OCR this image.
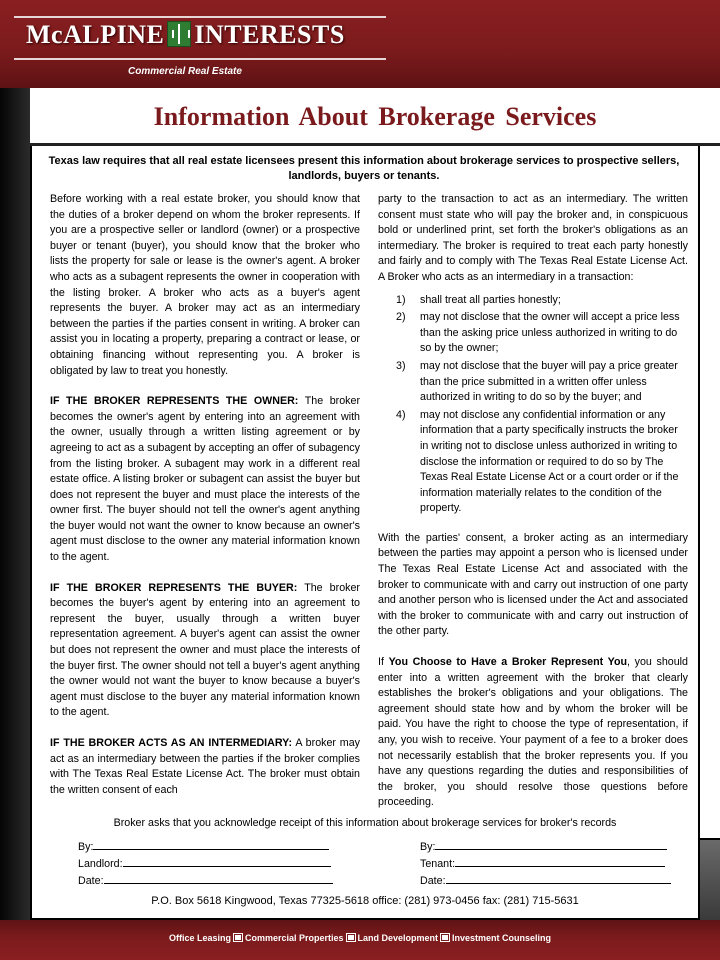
McALPINE INTERESTS
Commercial Real Estate
Information About Brokerage Services

Texas law requires that all real estate licensees present this information about brokerage services to prospective sellers, landlords, buyers or tenants.

Before working with a real estate broker, you should know that the duties of a broker depend on whom the broker represents. If you are a prospective seller or landlord (owner) or a prospective buyer or tenant (buyer), you should know that the broker who lists the property for sale or lease is the owner's agent. A broker who acts as a subagent represents the owner in cooperation with the listing broker. A broker who acts as a buyer's agent represents the buyer. A broker may act as an intermediary between the parties if the parties consent in writing. A broker can assist you in locating a property, preparing a contract or lease, or obtaining financing without representing you. A broker is obligated by law to treat you honestly.

IF THE BROKER REPRESENTS THE OWNER: The broker becomes the owner's agent by entering into an agreement with the owner, usually through a written listing agreement or by agreeing to act as a subagent by accepting an offer of subagency from the listing broker. A subagent may work in a different real estate office. A listing broker or subagent can assist the buyer but does not represent the buyer and must place the interests of the owner first. The buyer should not tell the owner's agent anything the buyer would not want the owner to know because an owner's agent must disclose to the owner any material information known to the agent.

IF THE BROKER REPRESENTS THE BUYER: The broker becomes the buyer's agent by entering into an agreement to represent the buyer, usually through a written buyer representation agreement. A buyer's agent can assist the owner but does not represent the owner and must place the interests of the buyer first. The owner should not tell a buyer's agent anything the owner would not want the buyer to know because a buyer's agent must disclose to the buyer any material information known to the agent.

IF THE BROKER ACTS AS AN INTERMEDIARY: A broker may act as an intermediary between the parties if the broker complies with The Texas Real Estate License Act. The broker must obtain the written consent of each

party to the transaction to act as an intermediary. The written consent must state who will pay the broker and, in conspicuous bold or underlined print, set forth the broker's obligations as an intermediary. The broker is required to treat each party honestly and fairly and to comply with The Texas Real Estate License Act. A Broker who acts as an intermediary in a transaction:

1) shall treat all parties honestly;
2) may not disclose that the owner will accept a price less than the asking price unless authorized in writing to do so by the owner;
3) may not disclose that the buyer will pay a price greater than the price submitted in a written offer unless authorized in writing to do so by the buyer; and
4) may not disclose any confidential information or any information that a party specifically instructs the broker in writing not to disclose unless authorized in writing to disclose the information or required to do so by The Texas Real Estate License Act or a court order or if the information materially relates to the condition of the property.

With the parties' consent, a broker acting as an intermediary between the parties may appoint a person who is licensed under The Texas Real Estate License Act and associated with the broker to communicate with and carry out instruction of one party and another person who is licensed under the Act and associated with the broker to communicate with and carry out instruction of the other party.

If You Choose to Have a Broker Represent You, you should enter into a written agreement with the broker that clearly establishes the broker's obligations and your obligations. The agreement should state how and by whom the broker will be paid. You have the right to choose the type of representation, if any, you wish to receive. Your payment of a fee to a broker does not necessarily establish that the broker represents you. If you have any questions regarding the duties and responsibilities of the broker, you should resolve those questions before proceeding.

Broker asks that you acknowledge receipt of this information about brokerage services for broker's records
By:
Landlord:
Date:
By:
Tenant:
Date:
P.O. Box 5618 Kingwood, Texas 77325-5618 office: (281) 973-0456 fax: (281) 715-5631
Office Leasing Commercial Properties Land Development Investment Counseling
